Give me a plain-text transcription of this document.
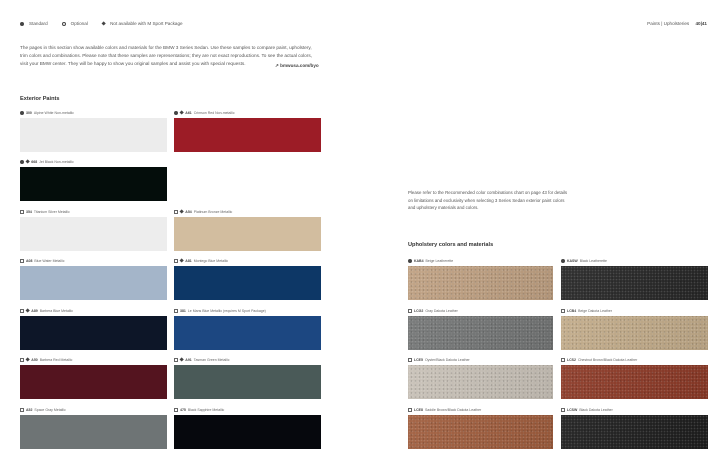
Standard	Optional	Not available with M Sport Package	Paints | Upholsteries 40|41

The pages in this section show available colors and materials for the BMW 3 Series Sedan. Use these samples to compare paint, upholstery, trim colors and combinations. Please note that these samples are representations; they are not exact reproductions. To see the actual colors, visit your BMW center. They will be happy to show you original samples and assist you with special requests.	↗ bmwusa.com/byo
Exterior Paints
300 Alpine White Non-metallic	A61 Crimson Red Non-metallic
668 Jet Black Non-metallic
354 Titanium Silver Metallic	A54 Platinum Bronze Metallic
A08 Blue Water Metallic	A81 Montego Blue Metallic
A89 Barbera Blue Metallic	381 Le Mans Blue Metallic (requires M Sport Package)
A50 Barbera Red Metallic	A91 Tasman Green Metallic
A52 Space Gray Metallic	475 Black Sapphire Metallic

Please refer to the Recommended color combinations chart on page 43 for details on limitations and exclusivity when selecting 3 Series Sedan exterior paint colors and upholstery materials and colors.

Upholstery colors and materials
KAB4 Beige Leatherette	KASW Black Leatherette
LCG2 Gray Dakota Leather	LCB4 Beige Dakota Leather
LCE5 Oyster/Black Dakota Leather	LCS2 Chestnut Brown/Black Dakota Leather
LCE8 Saddle Brown/Black Dakota Leather	LCSW Black Dakota Leather
